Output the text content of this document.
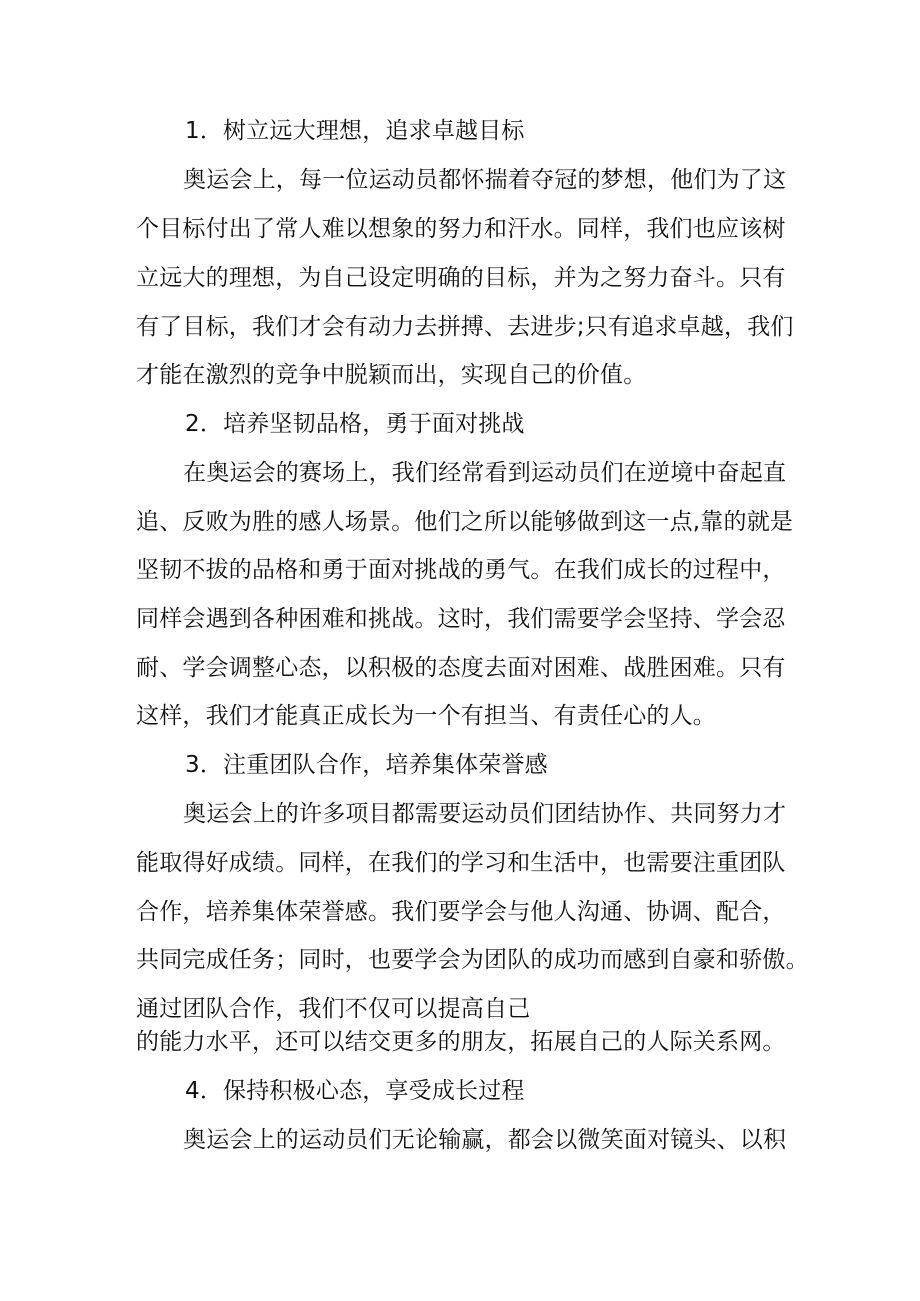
1．树立远大理想，追求卓越目标
奥运会上，每一位运动员都怀揣着夺冠的梦想，他们为了这
个目标付出了常人难以想象的努力和汗水。同样，我们也应该树
立远大的理想，为自己设定明确的目标，并为之努力奋斗。只有
有了目标，我们才会有动力去拼搏、去进步;只有追求卓越，我们
才能在激烈的竞争中脱颖而出，实现自己的价值。
2．培养坚韧品格，勇于面对挑战
在奥运会的赛场上，我们经常看到运动员们在逆境中奋起直
追、反败为胜的感人场景。他们之所以能够做到这一点,靠的就是
坚韧不拔的品格和勇于面对挑战的勇气。在我们成长的过程中，
同样会遇到各种困难和挑战。这时，我们需要学会坚持、学会忍
耐、学会调整心态，以积极的态度去面对困难、战胜困难。只有
这样，我们才能真正成长为一个有担当、有责任心的人。
3．注重团队合作，培养集体荣誉感
奥运会上的许多项目都需要运动员们团结协作、共同努力才
能取得好成绩。同样，在我们的学习和生活中，也需要注重团队
合作，培养集体荣誉感。我们要学会与他人沟通、协调、配合，
共同完成任务；同时，也要学会为团队的成功而感到自豪和骄傲。
通过团队合作，我们不仅可以提高自己
的能力水平，还可以结交更多的朋友，拓展自己的人际关系网。
4．保持积极心态，享受成长过程
奥运会上的运动员们无论输赢，都会以微笑面对镜头、以积
